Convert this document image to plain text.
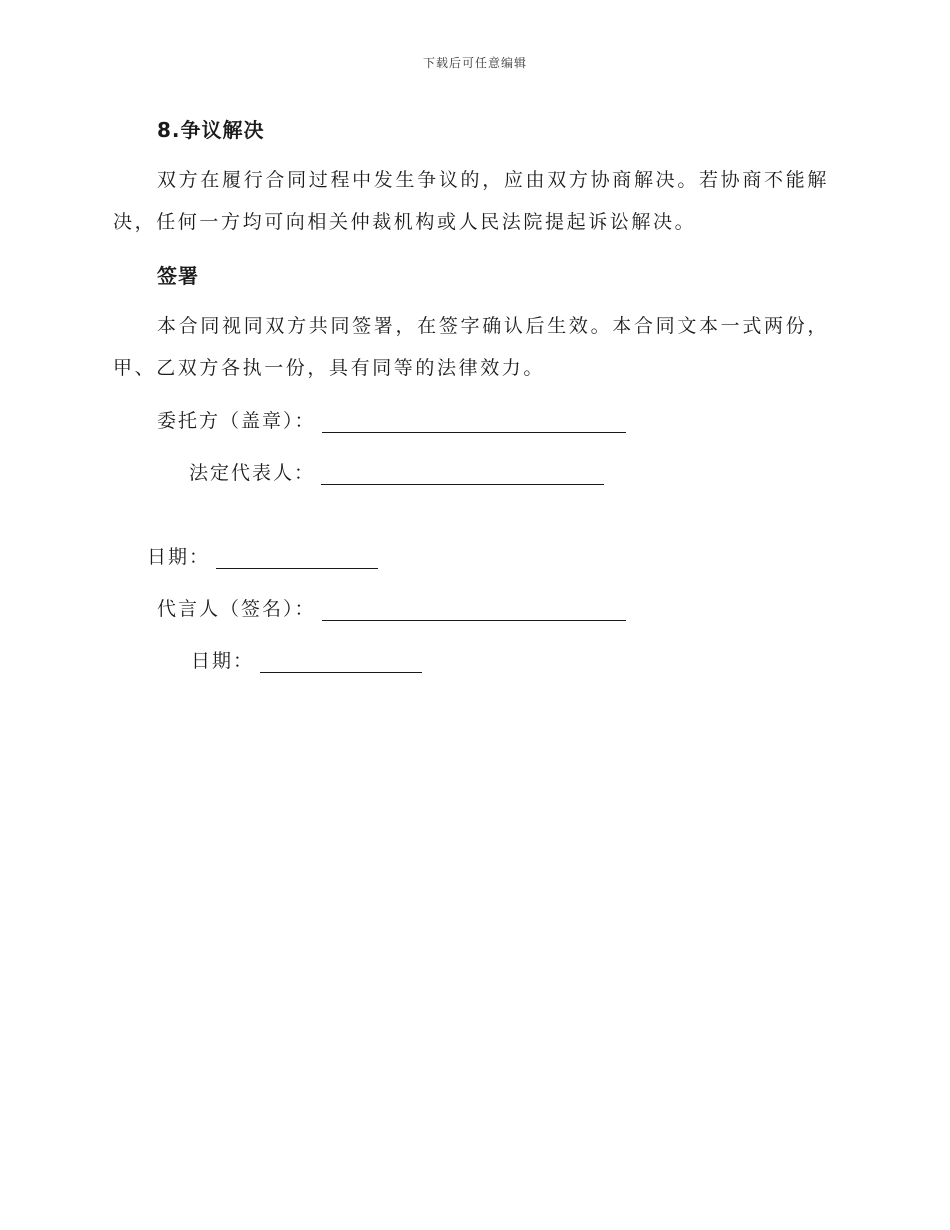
下载后可任意编辑
8.争议解决
双方在履行合同过程中发生争议的，应由双方协商解决。若协商不能解决，任何一方均可向相关仲裁机构或人民法院提起诉讼解决。
签署
本合同视同双方共同签署，在签字确认后生效。本合同文本一式两份，甲、乙双方各执一份，具有同等的法律效力。
委托方（盖章）：
法定代表人：
日期：
代言人（签名）：
日期：
